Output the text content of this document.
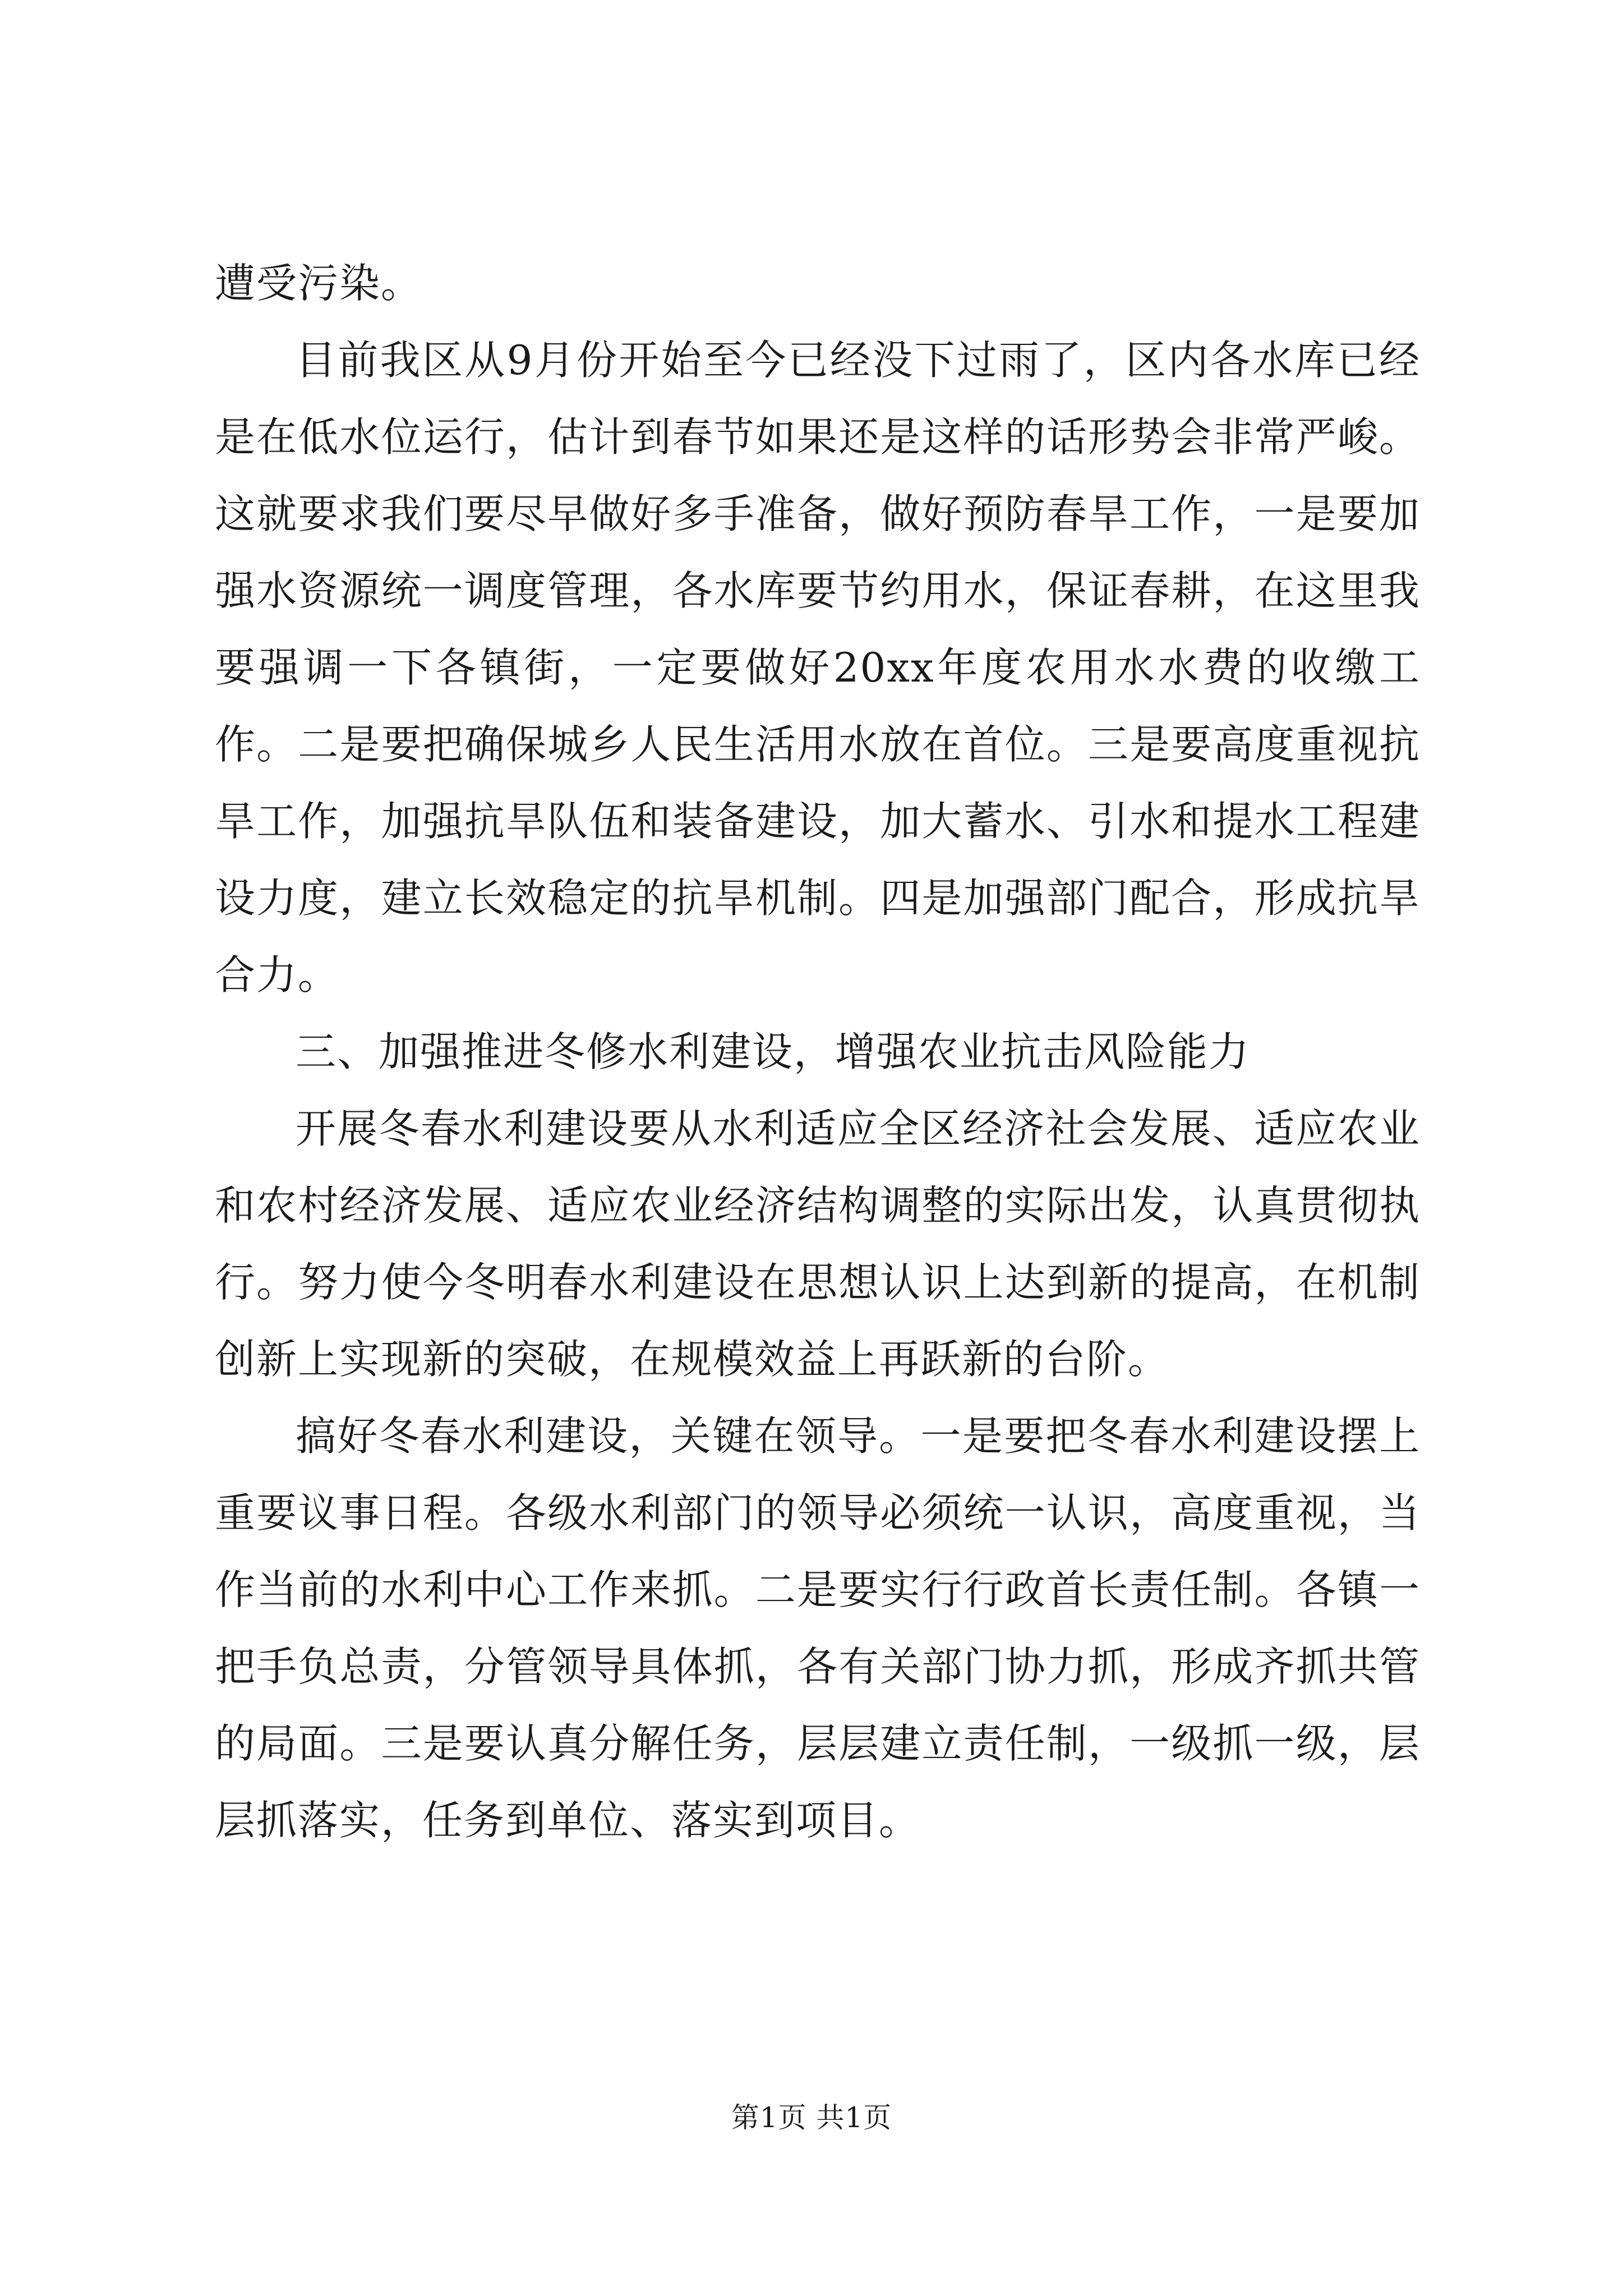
遭受污染。

目前我区从9月份开始至今已经没下过雨了，区内各水库已经是在低水位运行，估计到春节如果还是这样的话形势会非常严峻。这就要求我们要尽早做好多手准备，做好预防春旱工作，一是要加强水资源统一调度管理，各水库要节约用水，保证春耕，在这里我要强调一下各镇街，一定要做好20xx年度农用水水费的收缴工作。二是要把确保城乡人民生活用水放在首位。三是要高度重视抗旱工作，加强抗旱队伍和装备建设，加大蓄水、引水和提水工程建设力度，建立长效稳定的抗旱机制。四是加强部门配合，形成抗旱合力。

三、加强推进冬修水利建设，增强农业抗击风险能力

开展冬春水利建设要从水利适应全区经济社会发展、适应农业和农村经济发展、适应农业经济结构调整的实际出发，认真贯彻执行。努力使今冬明春水利建设在思想认识上达到新的提高，在机制创新上实现新的突破，在规模效益上再跃新的台阶。

搞好冬春水利建设，关键在领导。一是要把冬春水利建设摆上重要议事日程。各级水利部门的领导必须统一认识，高度重视，当作当前的水利中心工作来抓。二是要实行行政首长责任制。各镇一把手负总责，分管领导具体抓，各有关部门协力抓，形成齐抓共管的局面。三是要认真分解任务，层层建立责任制，一级抓一级，层层抓落实，任务到单位、落实到项目。

第1页 共1页
